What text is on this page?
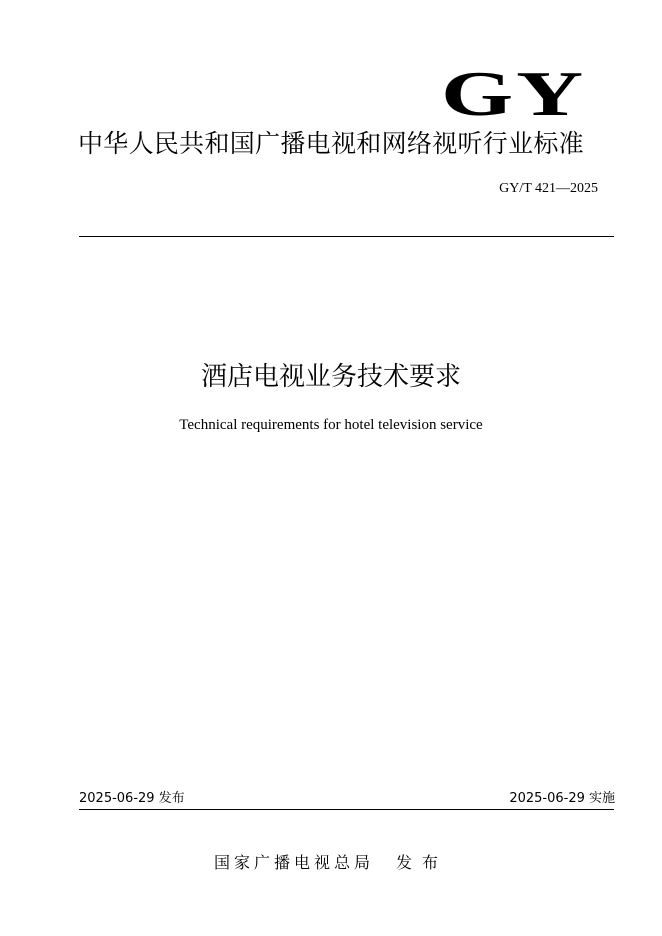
GY
中华人民共和国广播电视和网络视听行业标准
GY/T 421—2025
酒店电视业务技术要求
Technical requirements for hotel television service
2025-06-29 发布	2025-06-29 实施
国家广播电视总局 发布
